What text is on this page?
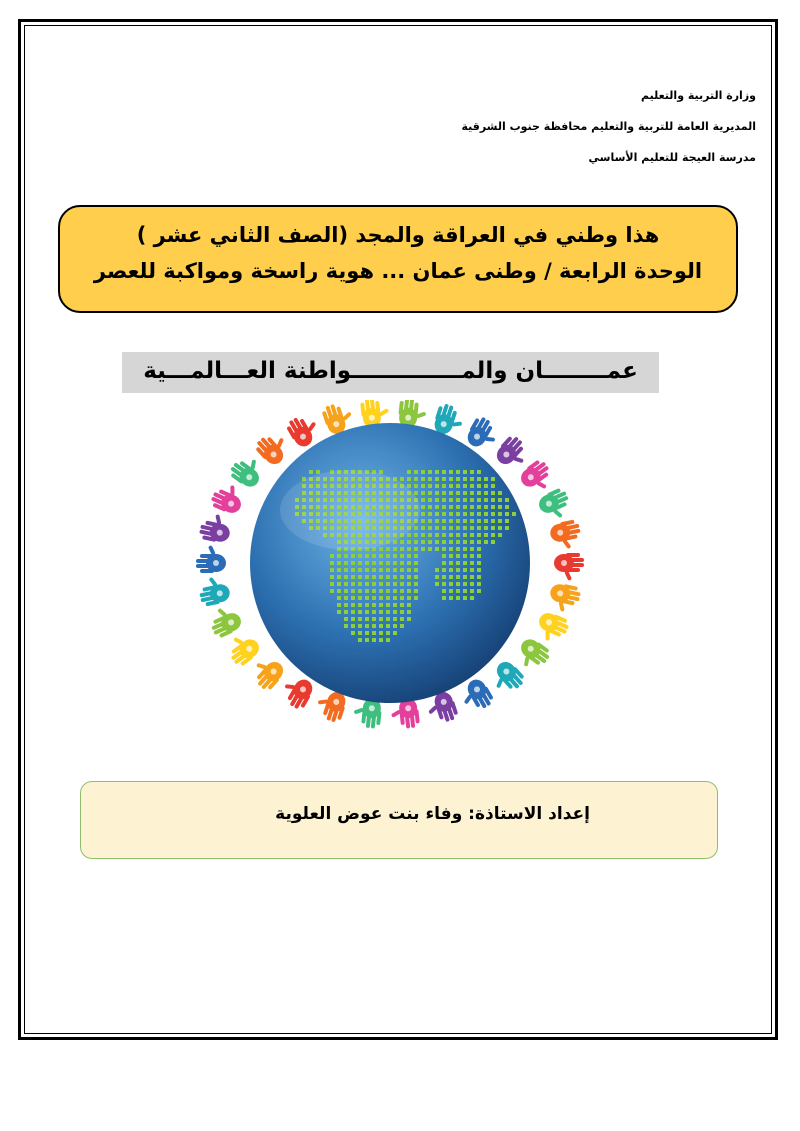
وزارة التربية والتعليم
المديرية العامة للتربية والتعليم محافظة جنوب الشرقية
مدرسة العيجة للتعليم الأساسي
هذا وطني في العراقة والمجد (الصف الثاني عشر )
الوحدة الرابعة / وطنى عمان ... هوية راسخة ومواكبة للعصر
عمــــــــان والمــــــــــــــواطنة العـــالمـــية
إعداد الاستاذة: وفاء بنت عوض العلوية
